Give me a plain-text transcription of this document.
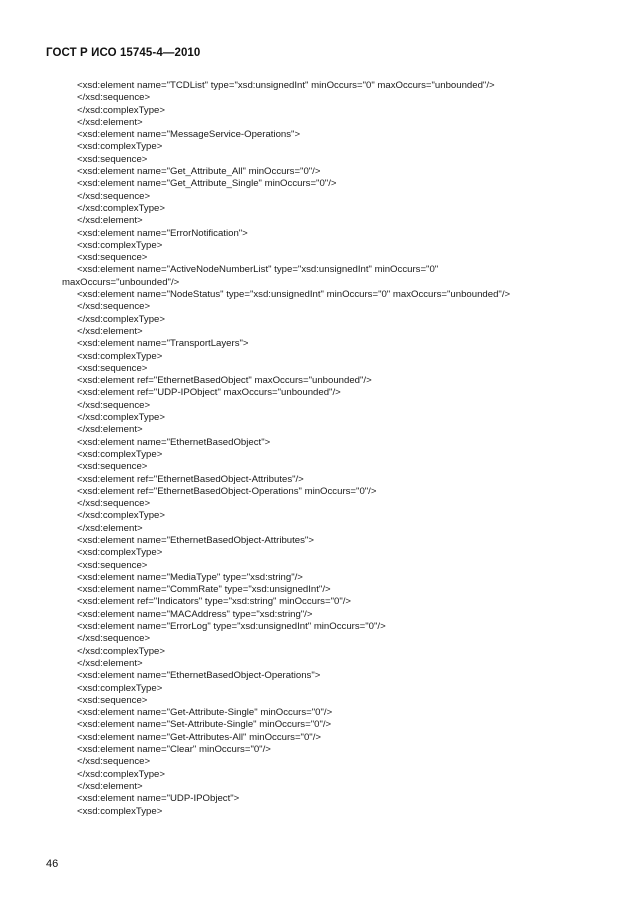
ГОСТ Р ИСО 15745-4—2010
<xsd:element name="TCDList" type="xsd:unsignedInt" minOccurs="0" maxOccurs="unbounded"/>
</xsd:sequence>
</xsd:complexType>
</xsd:element>
<xsd:element name="MessageService-Operations">
<xsd:complexType>
<xsd:sequence>
<xsd:element name="Get_Attribute_All" minOccurs="0"/>
<xsd:element name="Get_Attribute_Single" minOccurs="0"/>
</xsd:sequence>
</xsd:complexType>
</xsd:element>
<xsd:element name="ErrorNotification">
<xsd:complexType>
<xsd:sequence>
<xsd:element name="ActiveNodeNumberList" type="xsd:unsignedInt" minOccurs="0"
maxOccurs="unbounded"/>
<xsd:element name="NodeStatus" type="xsd:unsignedInt" minOccurs="0" maxOccurs="unbounded"/>
</xsd:sequence>
</xsd:complexType>
</xsd:element>
<xsd:element name="TransportLayers">
<xsd:complexType>
<xsd:sequence>
<xsd:element ref="EthernetBasedObject" maxOccurs="unbounded"/>
<xsd:element ref="UDP-IPObject" maxOccurs="unbounded"/>
</xsd:sequence>
</xsd:complexType>
</xsd:element>
<xsd:element name="EthernetBasedObject">
<xsd:complexType>
<xsd:sequence>
<xsd:element ref="EthernetBasedObject-Attributes"/>
<xsd:element ref="EthernetBasedObject-Operations" minOccurs="0"/>
</xsd:sequence>
</xsd:complexType>
</xsd:element>
<xsd:element name="EthernetBasedObject-Attributes">
<xsd:complexType>
<xsd:sequence>
<xsd:element name="MediaType" type="xsd:string"/>
<xsd:element name="CommRate" type="xsd:unsignedInt"/>
<xsd:element ref="Indicators" type="xsd:string" minOccurs="0"/>
<xsd:element name="MACAddress" type="xsd:string"/>
<xsd:element name="ErrorLog" type="xsd:unsignedInt" minOccurs="0"/>
</xsd:sequence>
</xsd:complexType>
</xsd:element>
<xsd:element name="EthernetBasedObject-Operations">
<xsd:complexType>
<xsd:sequence>
<xsd:element name="Get-Attribute-Single" minOccurs="0"/>
<xsd:element name="Set-Attribute-Single" minOccurs="0"/>
<xsd:element name="Get-Attributes-All" minOccurs="0"/>
<xsd:element name="Clear" minOccurs="0"/>
</xsd:sequence>
</xsd:complexType>
</xsd:element>
<xsd:element name="UDP-IPObject">
<xsd:complexType>
46
